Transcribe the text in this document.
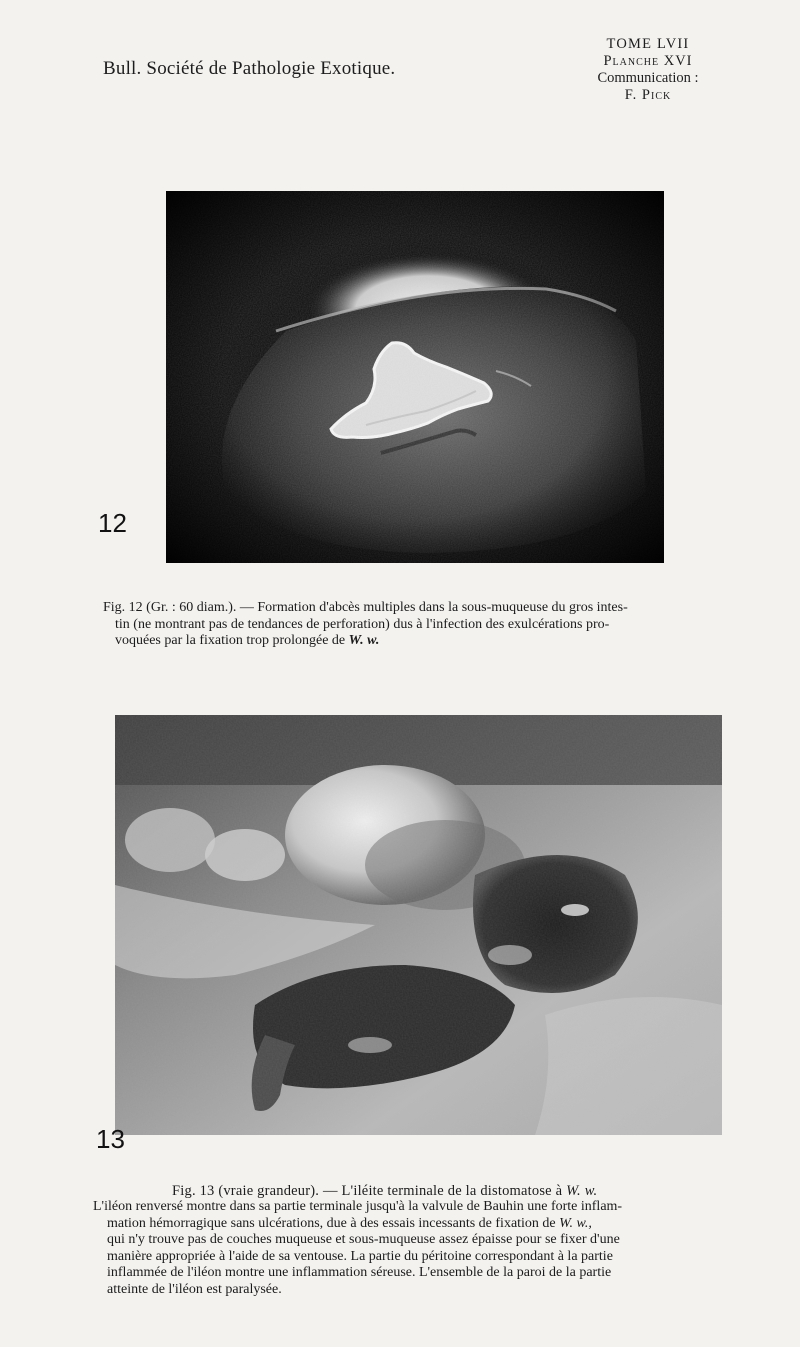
Bull. Société de Pathologie Exotique.
TOME LVII
Planche XVI
Communication :
F. Pick
12
Fig. 12 (Gr. : 60 diam.). — Formation d'abcès multiples dans la sous-muqueuse du gros intes-
tin (ne montrant pas de tendances de perforation) dus à l'infection des exulcérations pro-
voquées par la fixation trop prolongée de W. w.
13
Fig. 13 (vraie grandeur). — L'iléite terminale de la distomatose à W. w.
L'iléon renversé montre dans sa partie terminale jusqu'à la valvule de Bauhin une forte inflam-
mation hémorragique sans ulcérations, due à des essais incessants de fixation de W. w.,
qui n'y trouve pas de couches muqueuse et sous-muqueuse assez épaisse pour se fixer d'une
manière appropriée à l'aide de sa ventouse. La partie du péritoine correspondant à la partie
inflammée de l'iléon montre une inflammation séreuse. L'ensemble de la paroi de la partie
atteinte de l'iléon est paralysée.
